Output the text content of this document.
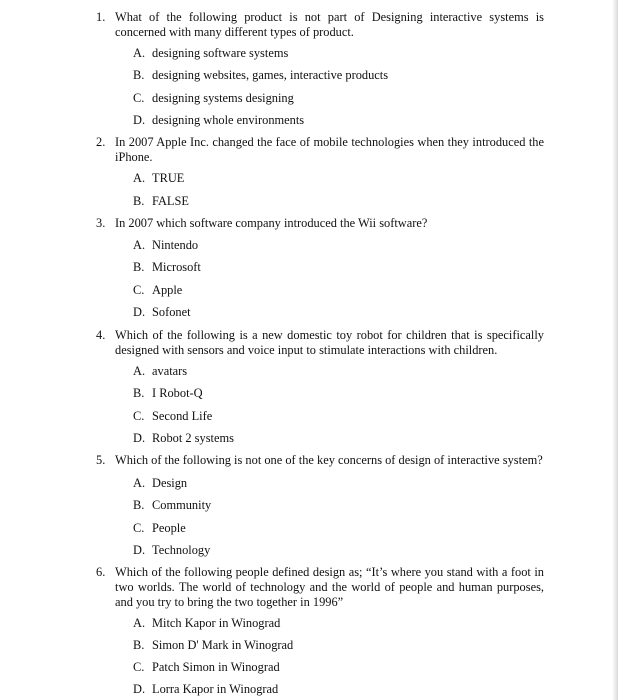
1. What of the following product is not part of Designing interactive systems is concerned with many different types of product.
A. designing software systems
B. designing websites, games, interactive products
C. designing systems designing
D. designing whole environments
2. In 2007 Apple Inc. changed the face of mobile technologies when they introduced the iPhone.
A. TRUE
B. FALSE
3. In 2007 which software company introduced the Wii software?
A. Nintendo
B. Microsoft
C. Apple
D. Sofonet
4. Which of the following is a new domestic toy robot for children that is specifically designed with sensors and voice input to stimulate interactions with children.
A. avatars
B. I Robot-Q
C. Second Life
D. Robot 2 systems
5. Which of the following is not one of the key concerns of design of interactive system?
A. Design
B. Community
C. People
D. Technology
6. Which of the following people defined design as; “It’s where you stand with a foot in two worlds. The world of technology and the world of people and human purposes, and you try to bring the two together in 1996”
A. Mitch Kapor in Winograd
B. Simon D' Mark in Winograd
C. Patch Simon in Winograd
D. Lorra Kapor in Winograd
